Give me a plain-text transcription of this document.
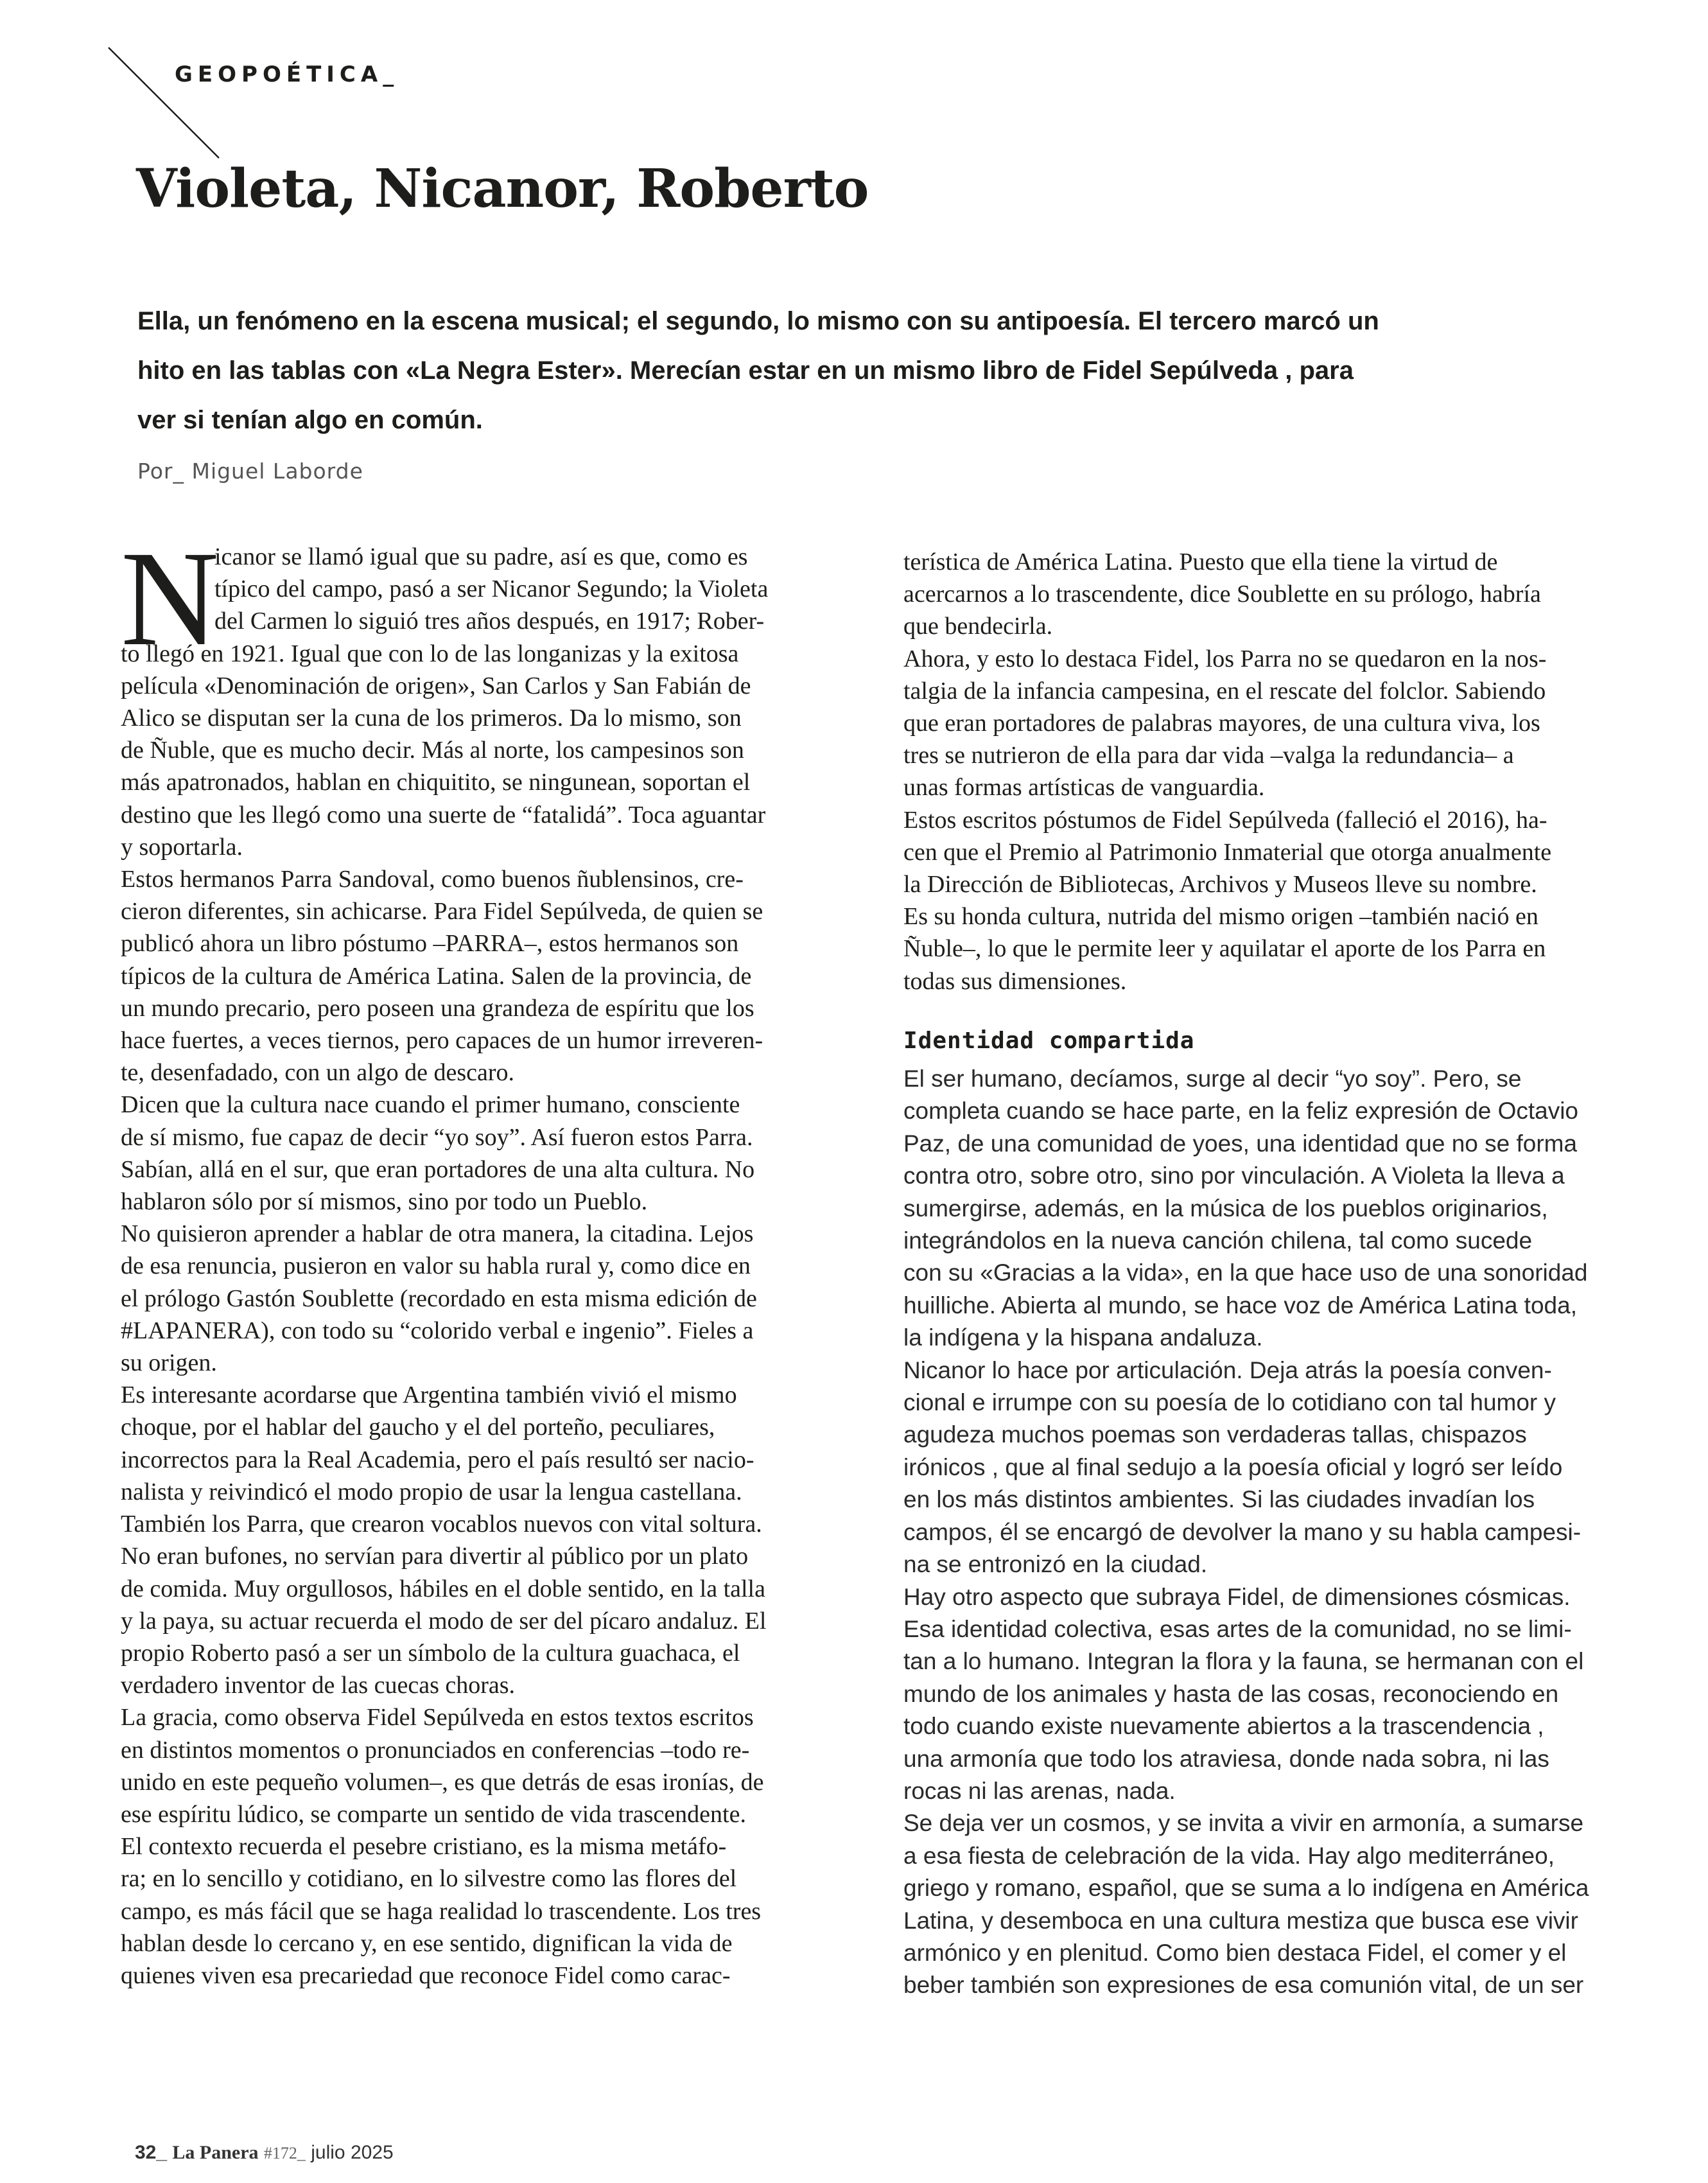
GEOPOÉTICA_
Violeta, Nicanor, Roberto
Ella, un fenómeno en la escena musical; el segundo, lo mismo con su antipoesía. El tercero marcó un
hito en las tablas con «La Negra Ester». Merecían estar en un mismo libro de Fidel Sepúlveda , para
ver si tenían algo en común.
Por_ Miguel Laborde
N

icanor se llamó igual que su padre, así es que, como es
típico del campo, pasó a ser Nicanor Segundo; la Violeta
del Carmen lo siguió tres años después, en 1917; Rober-
to llegó en 1921. Igual que con lo de las longanizas y la exitosa
película «Denominación de origen», San Carlos y San Fabián de
Alico se disputan ser la cuna de los primeros. Da lo mismo, son
de Ñuble, que es mucho decir. Más al norte, los campesinos son
más apatronados, hablan en chiquitito, se ningunean, soportan el
destino que les llegó como una suerte de “fatalidá”. Toca aguantar
y soportarla.

Estos hermanos Parra Sandoval, como buenos ñublensinos, cre-
cieron diferentes, sin achicarse. Para Fidel Sepúlveda, de quien se
publicó ahora un libro póstumo –PARRA–, estos hermanos son
típicos de la cultura de América Latina. Salen de la provincia, de
un mundo precario, pero poseen una grandeza de espíritu que los
hace fuertes, a veces tiernos, pero capaces de un humor irreveren-
te, desenfadado, con un algo de descaro.

Dicen que la cultura nace cuando el primer humano, consciente
de sí mismo, fue capaz de decir “yo soy”. Así fueron estos Parra.
Sabían, allá en el sur, que eran portadores de una alta cultura. No
hablaron sólo por sí mismos, sino por todo un Pueblo.

No quisieron aprender a hablar de otra manera, la citadina. Lejos
de esa renuncia, pusieron en valor su habla rural y, como dice en
el prólogo Gastón Soublette (recordado en esta misma edición de
#LAPANERA), con todo su “colorido verbal e ingenio”. Fieles a
su origen.

Es interesante acordarse que Argentina también vivió el mismo
choque, por el hablar del gaucho y el del porteño, peculiares,
incorrectos para la Real Academia, pero el país resultó ser nacio-
nalista y reivindicó el modo propio de usar la lengua castellana.
También los Parra, que crearon vocablos nuevos con vital soltura.
No eran bufones, no servían para divertir al público por un plato
de comida. Muy orgullosos, hábiles en el doble sentido, en la talla
y la paya, su actuar recuerda el modo de ser del pícaro andaluz. El
propio Roberto pasó a ser un símbolo de la cultura guachaca, el
verdadero inventor de las cuecas choras.

La gracia, como observa Fidel Sepúlveda en estos textos escritos
en distintos momentos o pronunciados en conferencias –todo re-
unido en este pequeño volumen–, es que detrás de esas ironías, de
ese espíritu lúdico, se comparte un sentido de vida trascendente.
El contexto recuerda el pesebre cristiano, es la misma metáfo-
ra; en lo sencillo y cotidiano, en lo silvestre como las flores del
campo, es más fácil que se haga realidad lo trascendente. Los tres
hablan desde lo cercano y, en ese sentido, dignifican la vida de
quienes viven esa precariedad que reconoce Fidel como carac-

terística de América Latina. Puesto que ella tiene la virtud de
acercarnos a lo trascendente, dice Soublette en su prólogo, habría
que bendecirla.

Ahora, y esto lo destaca Fidel, los Parra no se quedaron en la nos-
talgia de la infancia campesina, en el rescate del folclor. Sabiendo
que eran portadores de palabras mayores, de una cultura viva, los
tres se nutrieron de ella para dar vida –valga la redundancia– a
unas formas artísticas de vanguardia.

Estos escritos póstumos de Fidel Sepúlveda (falleció el 2016), ha-
cen que el Premio al Patrimonio Inmaterial que otorga anualmente
la Dirección de Bibliotecas, Archivos y Museos lleve su nombre.
Es su honda cultura, nutrida del mismo origen –también nació en
Ñuble–, lo que le permite leer y aquilatar el aporte de los Parra en
todas sus dimensiones.

Identidad compartida

El ser humano, decíamos, surge al decir “yo soy”. Pero, se
completa cuando se hace parte, en la feliz expresión de Octavio
Paz, de una comunidad de yoes, una identidad que no se forma
contra otro, sobre otro, sino por vinculación. A Violeta la lleva a
sumergirse, además, en la música de los pueblos originarios,
integrándolos en la nueva canción chilena, tal como sucede
con su «Gracias a la vida», en la que hace uso de una sonoridad
huilliche. Abierta al mundo, se hace voz de América Latina toda,
la indígena y la hispana andaluza.

Nicanor lo hace por articulación. Deja atrás la poesía conven-
cional e irrumpe con su poesía de lo cotidiano con tal humor y
agudeza muchos poemas son verdaderas tallas, chispazos
irónicos , que al final sedujo a la poesía oficial y logró ser leído
en los más distintos ambientes. Si las ciudades invadían los
campos, él se encargó de devolver la mano y su habla campesi-
na se entronizó en la ciudad.

Hay otro aspecto que subraya Fidel, de dimensiones cósmicas.
Esa identidad colectiva, esas artes de la comunidad, no se limi-
tan a lo humano. Integran la flora y la fauna, se hermanan con el
mundo de los animales y hasta de las cosas, reconociendo en
todo cuando existe nuevamente abiertos a la trascendencia ,
una armonía que todo los atraviesa, donde nada sobra, ni las
rocas ni las arenas, nada.

Se deja ver un cosmos, y se invita a vivir en armonía, a sumarse
a esa fiesta de celebración de la vida. Hay algo mediterráneo,
griego y romano, español, que se suma a lo indígena en América
Latina, y desemboca en una cultura mestiza que busca ese vivir
armónico y en plenitud. Como bien destaca Fidel, el comer y el
beber también son expresiones de esa comunión vital, de un ser

32_ La Panera #172_ julio 2025
